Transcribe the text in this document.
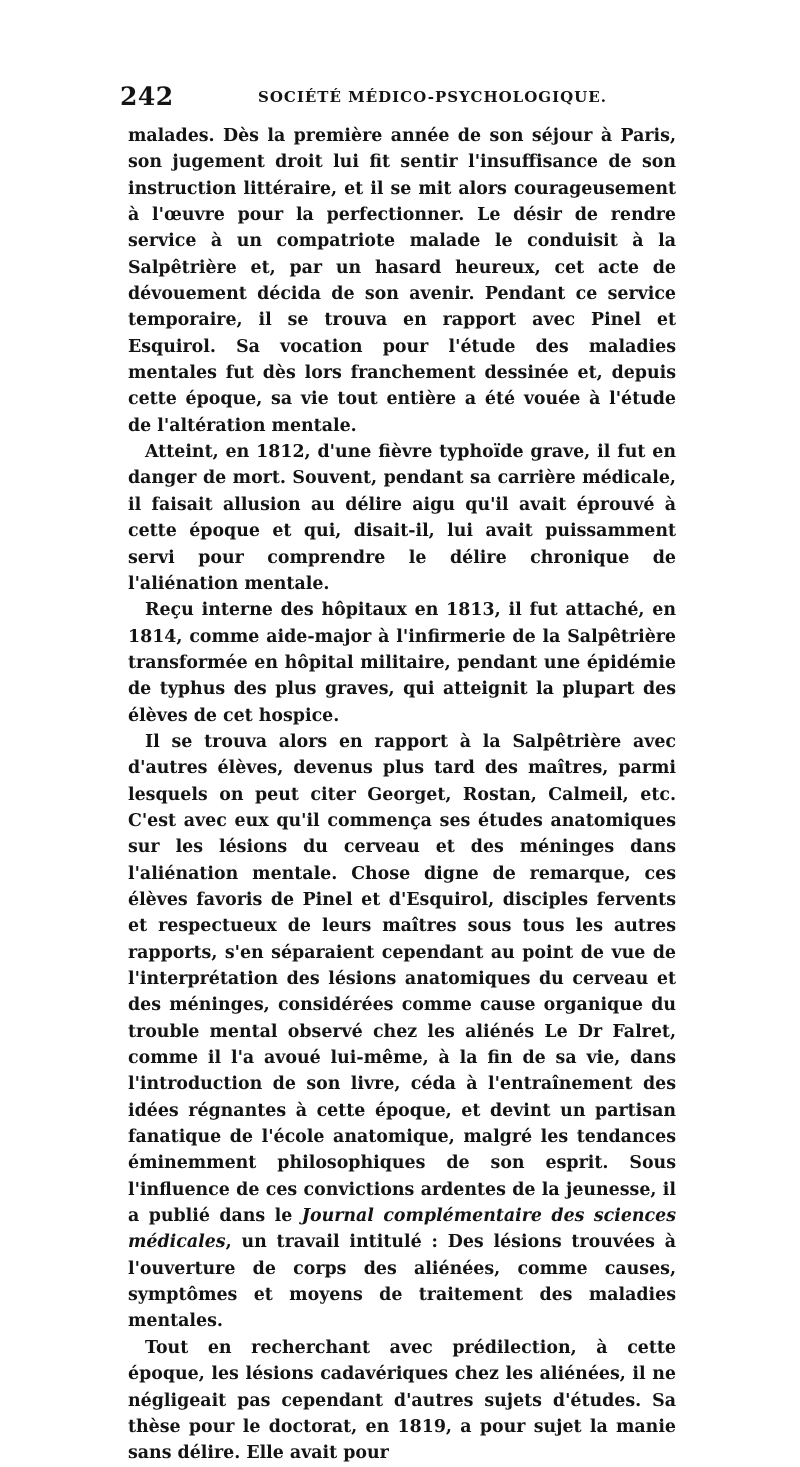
242	SOCIÉTÉ MÉDICO-PSYCHOLOGIQUE.

malades. Dès la première année de son séjour à Paris, son jugement droit lui fit sentir l'insuffisance de son instruction littéraire, et il se mit alors courageusement à l'œuvre pour la perfectionner. Le désir de rendre service à un compatriote malade le conduisit à la Salpêtrière et, par un hasard heureux, cet acte de dévouement décida de son avenir. Pendant ce service temporaire, il se trouva en rapport avec Pinel et Esquirol. Sa vocation pour l'étude des maladies mentales fut dès lors franchement dessinée et, depuis cette époque, sa vie tout entière a été vouée à l'étude de l'altération mentale.

Atteint, en 1812, d'une fièvre typhoïde grave, il fut en danger de mort. Souvent, pendant sa carrière médicale, il faisait allusion au délire aigu qu'il avait éprouvé à cette époque et qui, disait-il, lui avait puissamment servi pour comprendre le délire chronique de l'aliénation mentale.

Reçu interne des hôpitaux en 1813, il fut attaché, en 1814, comme aide-major à l'infirmerie de la Salpêtrière transformée en hôpital militaire, pendant une épidémie de typhus des plus graves, qui atteignit la plupart des élèves de cet hospice.

Il se trouva alors en rapport à la Salpêtrière avec d'autres élèves, devenus plus tard des maîtres, parmi lesquels on peut citer Georget, Rostan, Calmeil, etc. C'est avec eux qu'il commença ses études anatomiques sur les lésions du cerveau et des méninges dans l'aliénation mentale. Chose digne de remarque, ces élèves favoris de Pinel et d'Esquirol, disciples fervents et respectueux de leurs maîtres sous tous les autres rapports, s'en séparaient cependant au point de vue de l'interprétation des lésions anatomiques du cerveau et des méninges, considérées comme cause organique du trouble mental observé chez les aliénés Le Dr Falret, comme il l'a avoué lui-même, à la fin de sa vie, dans l'introduction de son livre, céda à l'entraînement des idées régnantes à cette époque, et devint un partisan fanatique de l'école anatomique, malgré les tendances éminemment philosophiques de son esprit. Sous l'influence de ces convictions ardentes de la jeunesse, il a publié dans le Journal complémentaire des sciences médicales, un travail intitulé : Des lésions trouvées à l'ouverture de corps des aliénées, comme causes, symptômes et moyens de traitement des maladies mentales.

Tout en recherchant avec prédilection, à cette époque, les lésions cadavériques chez les aliénées, il ne négligeait pas cependant d'autres sujets d'études. Sa thèse pour le doctorat, en 1819, a pour sujet la manie sans délire. Elle avait pour
